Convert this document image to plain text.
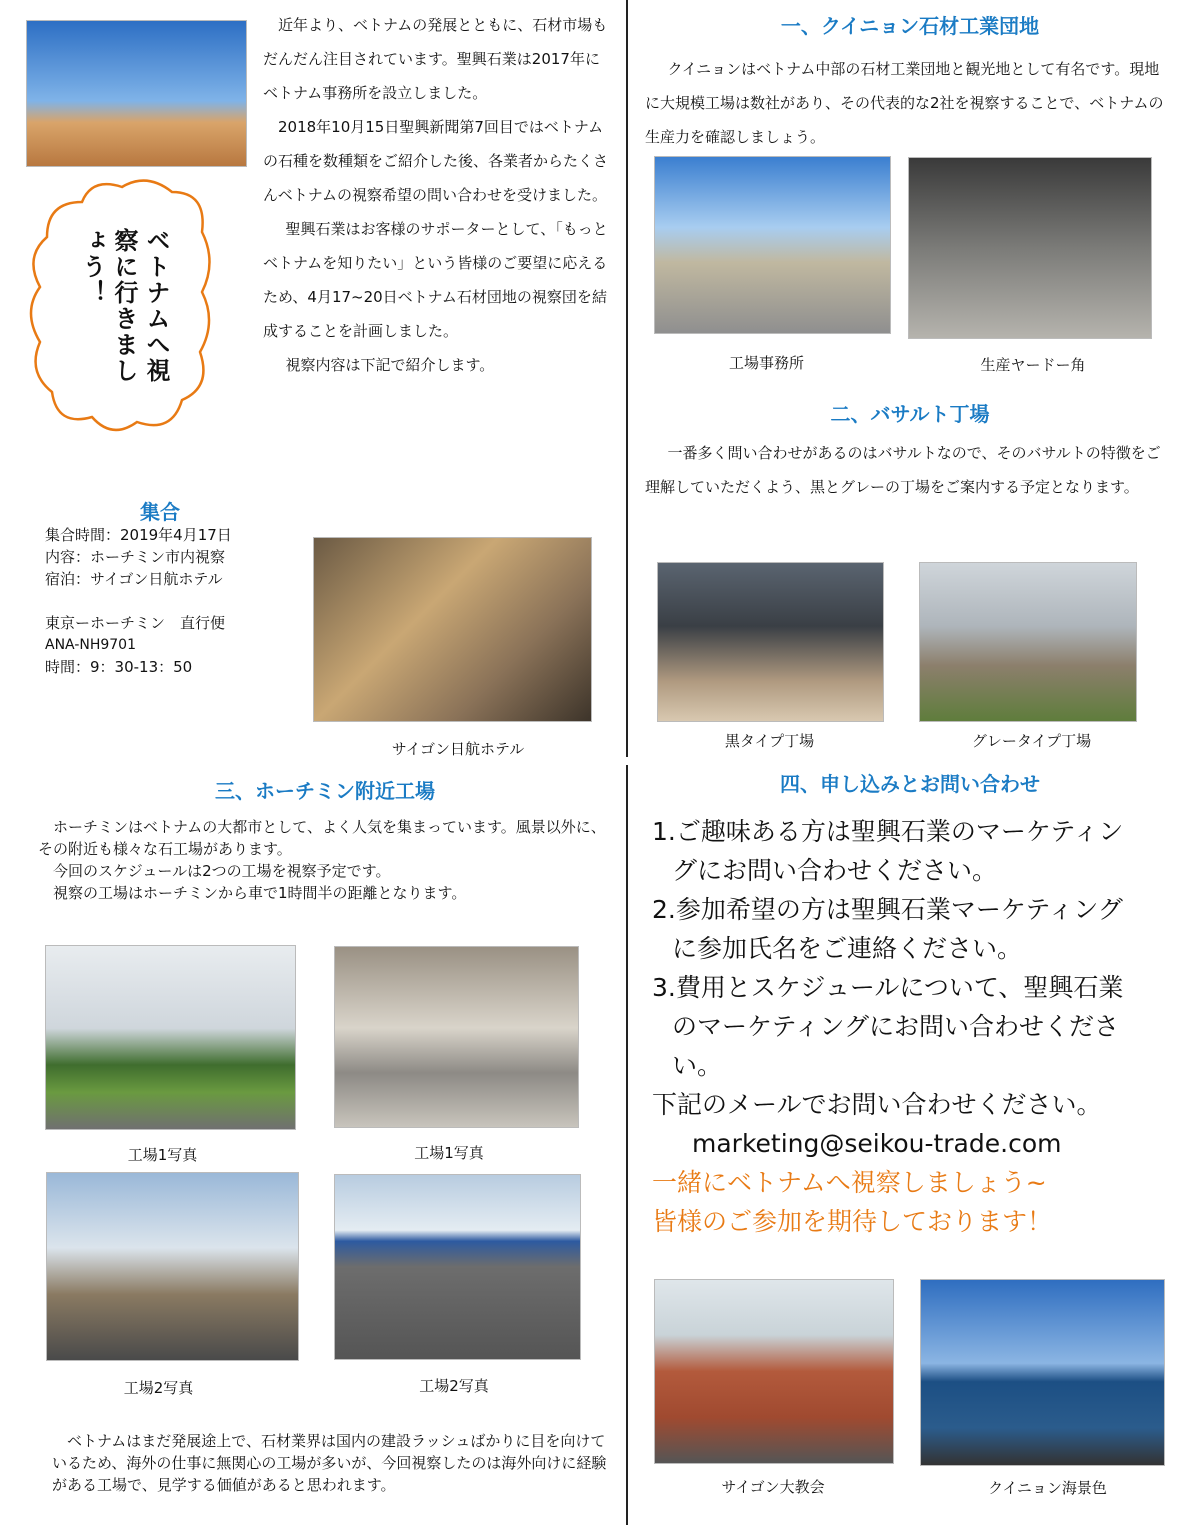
ベトナムへ視察に行きましょう！

近年より、ベトナムの発展とともに、石材市場もだんだん注目されています。聖興石業は2017年にベトナム事務所を設立しました。

2018年10月15日聖興新聞第7回目ではベトナムの石種を数種類をご紹介した後、各業者からたくさんベトナムの視察希望の問い合わせを受けました。

聖興石業はお客様のサポーターとして、「もっとベトナムを知りたい」という皆様のご要望に応えるため、4月17~20日ベトナム石材団地の視察団を結成することを計画しました。

視察内容は下記で紹介します。

集合

集合時間：2019年4月17日

内容：ホーチミン市内視察

宿泊：サイゴン日航ホテル

東京ーホーチミン　直行便

ANA-NH9701

時間：9：30-13：50

サイゴン日航ホテル
一、クイニョン石材工業団地

クイニョンはベトナム中部の石材工業団地と観光地として有名です。現地に大規模工場は数社があり、その代表的な2社を視察することで、ベトナムの生産力を確認しましょう。

工場事務所	生産ヤードー角
二、バサルト丁場

一番多く問い合わせがあるのはバサルトなので、そのバサルトの特徴をご理解していただくよう、黒とグレーの丁場をご案内する予定となります。

黒タイプ丁場	グレータイプ丁場
三、ホーチミン附近工場

ホーチミンはベトナムの大都市として、よく人気を集まっています。風景以外に、その附近も様々な石工場があります。

今回のスケジュールは2つの工場を視察予定です。

視察の工場はホーチミンから車で1時間半の距離となります。

工場1写真	工場1写真
工場2写真	工場2写真

ベトナムはまだ発展途上で、石材業界は国内の建設ラッシュばかりに目を向けているため、海外の仕事に無関心の工場が多いが、今回視察したのは海外向けに経験がある工場で、見学する価値があると思われます。

四、申し込みとお問い合わせ

1.ご趣味ある方は聖興石業のマーケティングにお問い合わせください。

2.参加希望の方は聖興石業マーケティングに参加氏名をご連絡ください。

3.費用とスケジュールについて、聖興石業のマーケティングにお問い合わせください。

下記のメールでお問い合わせください。

marketing@seikou-trade.com

一緒にベトナムへ視察しましょう~

皆様のご参加を期待しております！

サイゴン大教会	クイニョン海景色
